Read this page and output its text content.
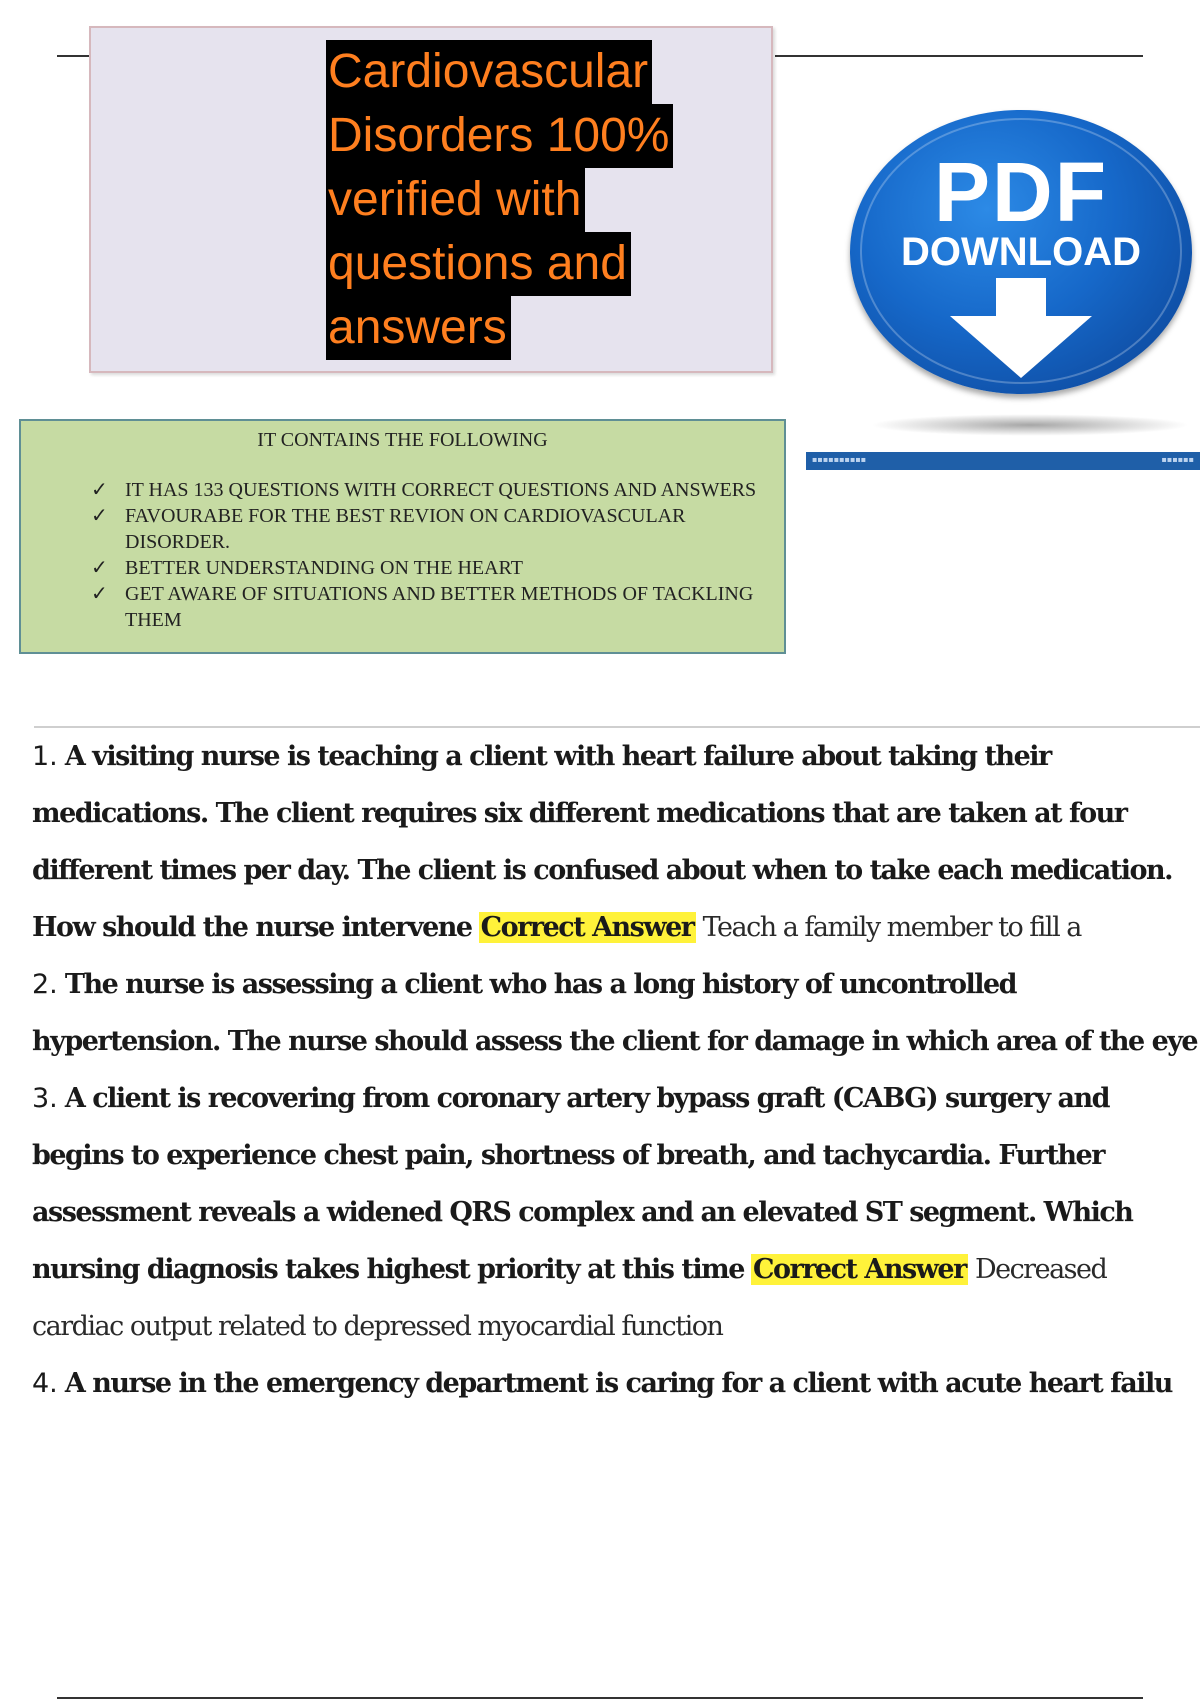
Cardiovascular
Disorders 100%
verified with
questions and
answers
PDF
DOWNLOAD
▪▪▪▪▪▪▪▪▪▪	▪▪▪▪▪▪
IT CONTAINS THE FOLLOWING
✓ IT HAS 133 QUESTIONS WITH CORRECT QUESTIONS AND ANSWERS
✓ FAVOURABE FOR THE BEST REVION ON CARDIOVASCULAR DISORDER.
✓ BETTER UNDERSTANDING ON THE HEART
✓ GET AWARE OF SITUATIONS AND BETTER METHODS OF TACKLING THEM

1. A visiting nurse is teaching a client with heart failure about taking their medications. The client requires six different medications that are taken at four different times per day. The client is confused about when to take each medication. How should the nurse intervene Correct Answer Teach a family member to fill a

2. The nurse is assessing a client who has a long history of uncontrolled hypertension. The nurse should assess the client for damage in which area of the eye

3. A client is recovering from coronary artery bypass graft (CABG) surgery and begins to experience chest pain, shortness of breath, and tachycardia. Further assessment reveals a widened QRS complex and an elevated ST segment. Which nursing diagnosis takes highest priority at this time Correct Answer Decreased cardiac output related to depressed myocardial function

4. A nurse in the emergency department is caring for a client with acute heart failu
